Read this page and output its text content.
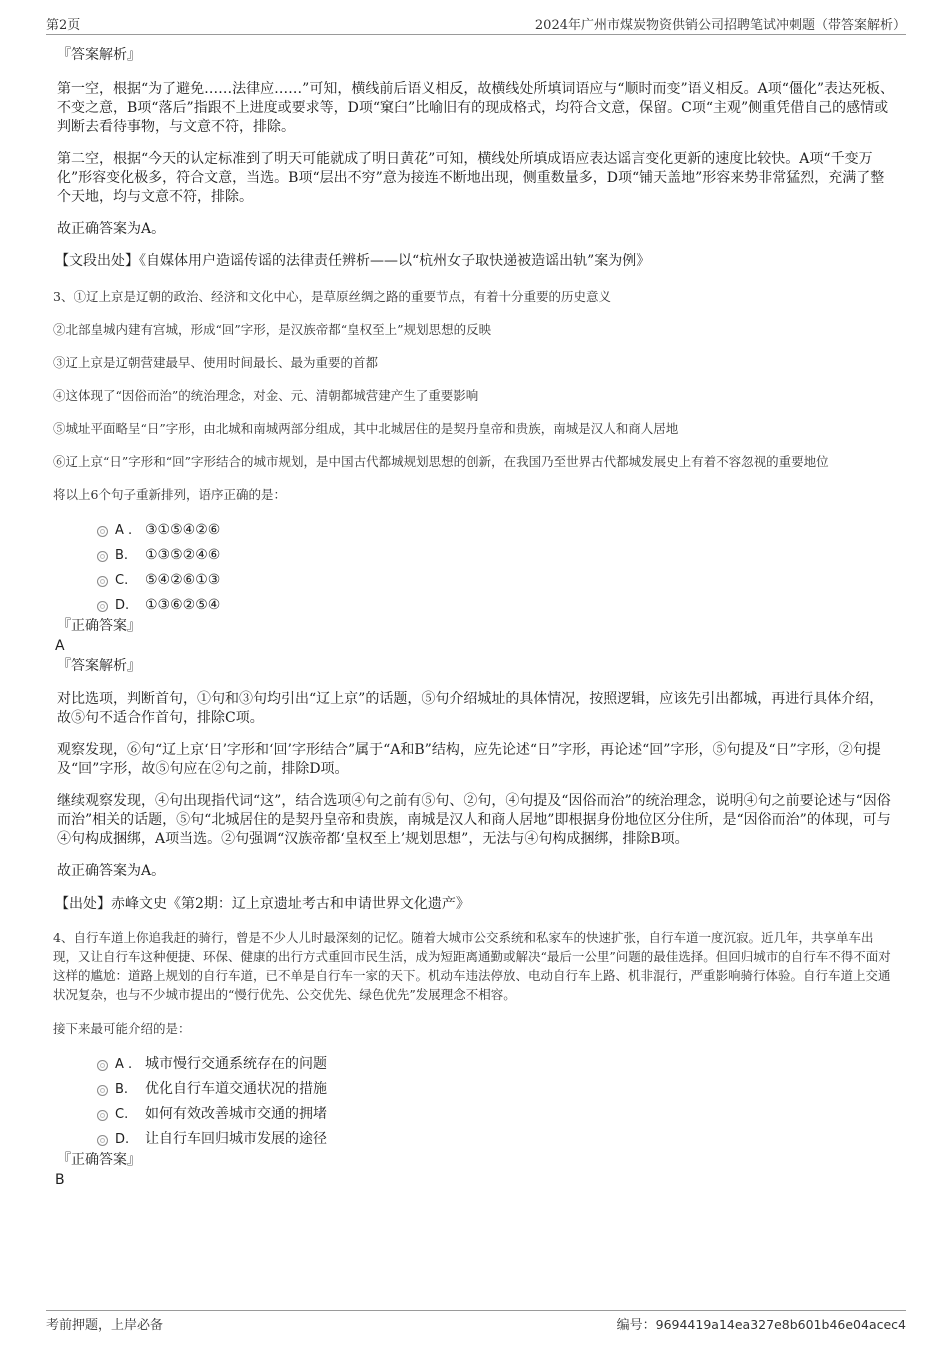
第2页	2024年广州市煤炭物资供销公司招聘笔试冲刺题（带答案解析）

『答案解析』

第一空，根据“为了避免……法律应……”可知，横线前后语义相反，故横线处所填词语应与“顺时而变”语义相反。A项“僵化”表达死板、不变之意，B项“落后”指跟不上进度或要求等，D项“窠臼”比喻旧有的现成格式，均符合文意，保留。C项“主观”侧重凭借自己的感情或判断去看待事物，与文意不符，排除。

第二空，根据“今天的认定标准到了明天可能就成了明日黄花”可知，横线处所填成语应表达谣言变化更新的速度比较快。A项“千变万化”形容变化极多，符合文意，当选。B项“层出不穷”意为接连不断地出现，侧重数量多，D项“铺天盖地”形容来势非常猛烈，充满了整个天地，均与文意不符，排除。

故正确答案为A。

【文段出处】《自媒体用户造谣传谣的法律责任辨析——以“杭州女子取快递被造谣出轨”案为例》

3、①辽上京是辽朝的政治、经济和文化中心，是草原丝绸之路的重要节点，有着十分重要的历史意义

②北部皇城内建有宫城，形成“回”字形，是汉族帝都“皇权至上”规划思想的反映

③辽上京是辽朝营建最早、使用时间最长、最为重要的首都

④这体现了“因俗而治”的统治理念，对金、元、清朝都城营建产生了重要影响

⑤城址平面略呈“日”字形，由北城和南城两部分组成，其中北城居住的是契丹皇帝和贵族，南城是汉人和商人居地

⑥辽上京“日”字形和“回”字形结合的城市规划，是中国古代都城规划思想的创新，在我国乃至世界古代都城发展史上有着不容忽视的重要地位

将以上6个句子重新排列，语序正确的是：

A . ③①⑤④②⑥
B. ①③⑤②④⑥
C. ⑤④②⑥①③
D. ①③⑥②⑤④

『正确答案』

A

『答案解析』

对比选项，判断首句，①句和③句均引出“辽上京”的话题，⑤句介绍城址的具体情况，按照逻辑，应该先引出都城，再进行具体介绍，故⑤句不适合作首句，排除C项。

观察发现，⑥句“辽上京‘日’字形和‘回’字形结合”属于“A和B”结构，应先论述“日”字形，再论述“回”字形，⑤句提及“日”字形，②句提及“回”字形，故⑤句应在②句之前，排除D项。

继续观察发现，④句出现指代词“这”，结合选项④句之前有⑤句、②句，④句提及“因俗而治”的统治理念，说明④句之前要论述与“因俗而治”相关的话题，⑤句“北城居住的是契丹皇帝和贵族，南城是汉人和商人居地”即根据身份地位区分住所，是“因俗而治”的体现，可与④句构成捆绑，A项当选。②句强调“汉族帝都‘皇权至上’规划思想”，无法与④句构成捆绑，排除B项。

故正确答案为A。

【出处】赤峰文史《第2期：辽上京遗址考古和申请世界文化遗产》

4、自行车道上你追我赶的骑行，曾是不少人儿时最深刻的记忆。随着大城市公交系统和私家车的快速扩张，自行车道一度沉寂。近几年，共享单车出现，又让自行车这种便捷、环保、健康的出行方式重回市民生活，成为短距离通勤或解决“最后一公里”问题的最佳选择。但回归城市的自行车不得不面对这样的尴尬：道路上规划的自行车道，已不单是自行车一家的天下。机动车违法停放、电动自行车上路、机非混行，严重影响骑行体验。自行车道上交通状况复杂，也与不少城市提出的“慢行优先、公交优先、绿色优先”发展理念不相容。

接下来最可能介绍的是：

A . 城市慢行交通系统存在的问题
B. 优化自行车道交通状况的措施
C. 如何有效改善城市交通的拥堵
D. 让自行车回归城市发展的途径

『正确答案』

B

考前押题，上岸必备	编号：9694419a14ea327e8b601b46e04acec4
